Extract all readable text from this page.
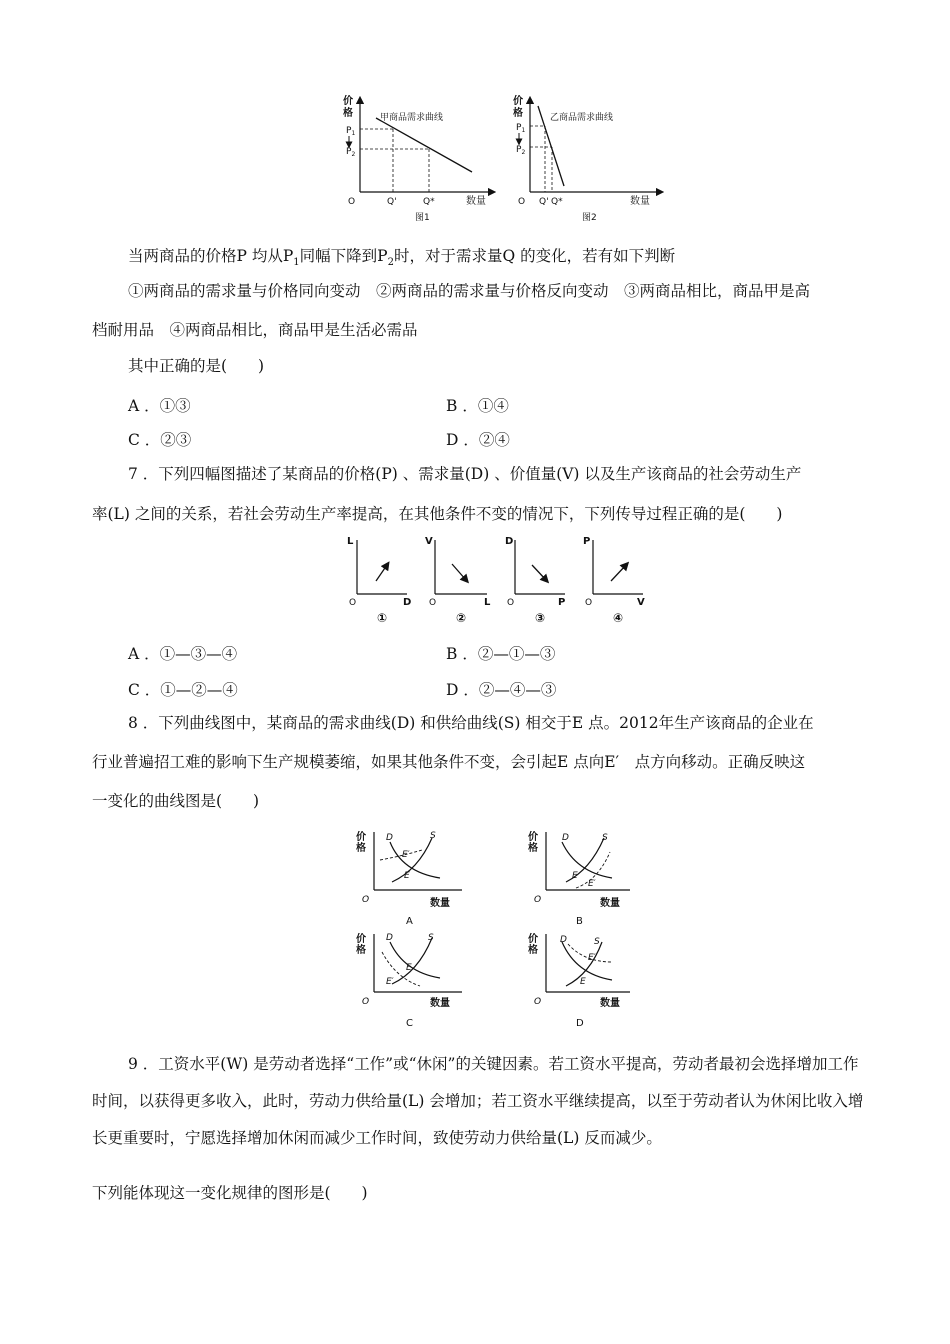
价
格
$P_1$
$P_2$
甲商品需求曲线
O	Q'	Q*	数量
图1
价
格
$P_1$
$P_2$
乙商品需求曲线
O Q' Q*	数量
图2
当两商品的价格P 均从$P_1$同幅下降到$P_2$时，对于需求量Q 的变化，若有如下判断
①两商品的需求量与价格同向变动　②两商品的需求量与价格反向变动　③两商品相比，商品甲是高
档耐用品　④两商品相比，商品甲是生活必需品
其中正确的是(　　)
A ．①③	B ．①④
C ．②③	D ．②④
7 ．下列四幅图描述了某商品的价格(P) 、需求量(D) 、价值量(V) 以及生产该商品的社会劳动生产
率(L) 之间的关系，若社会劳动生产率提高，在其他条件不变的情况下，下列传导过程正确的是(　　)
L
O	D
①
V
O	L
②
D
O	P
③
P
O	V
④
A ．①—③—④	B ．②—①—③
C ．①—②—④	D ．②—④—③
8 ．下列曲线图中，某商品的需求曲线(D) 和供给曲线(S) 相交于E 点。2012年生产该商品的企业在
行业普遍招工难的影响下生产规模萎缩，如果其他条件不变，会引起E 点向E′　点方向移动。正确反映这
一变化的曲线图是(　　)
价
格
D	S
E′
E
O	数量
A
价
格
D	S
E
E′
O	数量
B
价
格
D	S
E
E′
O	数量
C
价
格
D	S
E′
E
O	数量
D
9 ．工资水平(W) 是劳动者选择“工作”或“休闲”的关键因素。若工资水平提高，劳动者最初会选择增加工作时间，以获得更多收入，此时，劳动力供给量(L) 会增加；若工资水平继续提高，以至于劳动者认为休闲比收入增长更重要时，宁愿选择增加休闲而减少工作时间，致使劳动力供给量(L) 反而减少。
下列能体现这一变化规律的图形是(　　)
